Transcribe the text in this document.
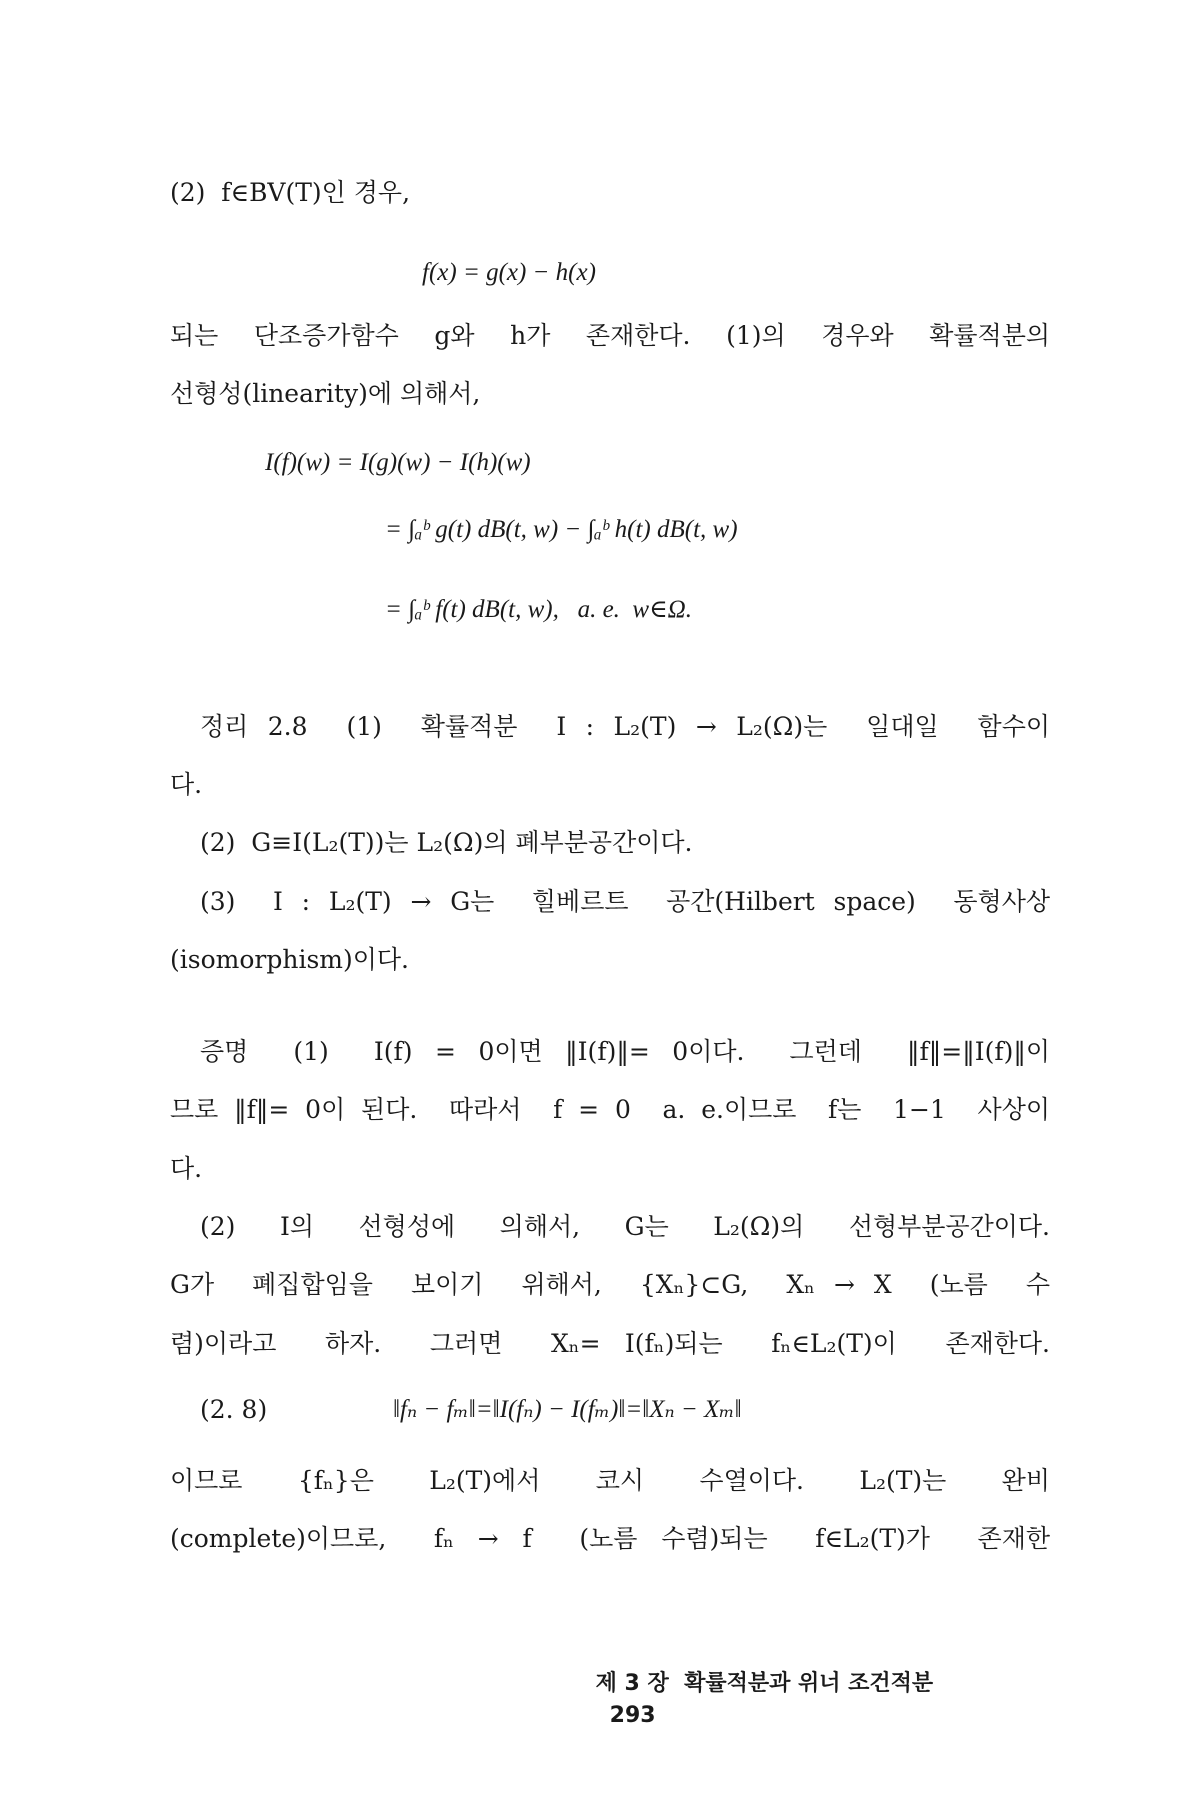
(2)  f∈BV(T)인 경우,
f(x) = g(x) − h(x)
되는 단조증가함수 g와 h가 존재한다. (1)의 경우와 확률적분의
선형성(linearity)에 의해서,
I(f)(w) = I(g)(w) − I(h)(w)
= ∫ₐᵇ g(t) dB(t, w) − ∫ₐᵇ h(t) dB(t, w)
= ∫ₐᵇ f(t) dB(t, w),   a. e.  w∈Ω.
정리 2.8  (1)  확률적분  I : L₂(T) → L₂(Ω)는  일대일  함수이
다.
(2)  G≡I(L₂(T))는 L₂(Ω)의 폐부분공간이다.
(3)  I : L₂(T) → G는  힐베르트  공간(Hilbert space)  동형사상
(isomorphism)이다.
증명  (1)  I(f) = 0이면 ‖I(f)‖= 0이다.  그런데  ‖f‖=‖I(f)‖이
므로 ‖f‖= 0이 된다.  따라서  f = 0  a. e.이므로  f는  1−1  사상이
다.
(2)  I의  선형성에  의해서,  G는  L₂(Ω)의  선형부분공간이다.
G가  폐집합임을  보이기  위해서,  {Xₙ}⊂G,  Xₙ → X  (노름  수
렴)이라고  하자.  그러면  Xₙ= I(fₙ)되는  fₙ∈L₂(T)이  존재한다.
(2. 8)	‖fₙ − fₘ‖=‖I(fₙ) − I(fₘ)‖=‖Xₙ − Xₘ‖
이므로  {fₙ}은  L₂(T)에서  코시  수열이다.  L₂(T)는  완비
(complete)이므로,  fₙ → f  (노름 수렴)되는  f∈L₂(T)가  존재한

제 3 장  확률적분과 위너 조건적분
293
